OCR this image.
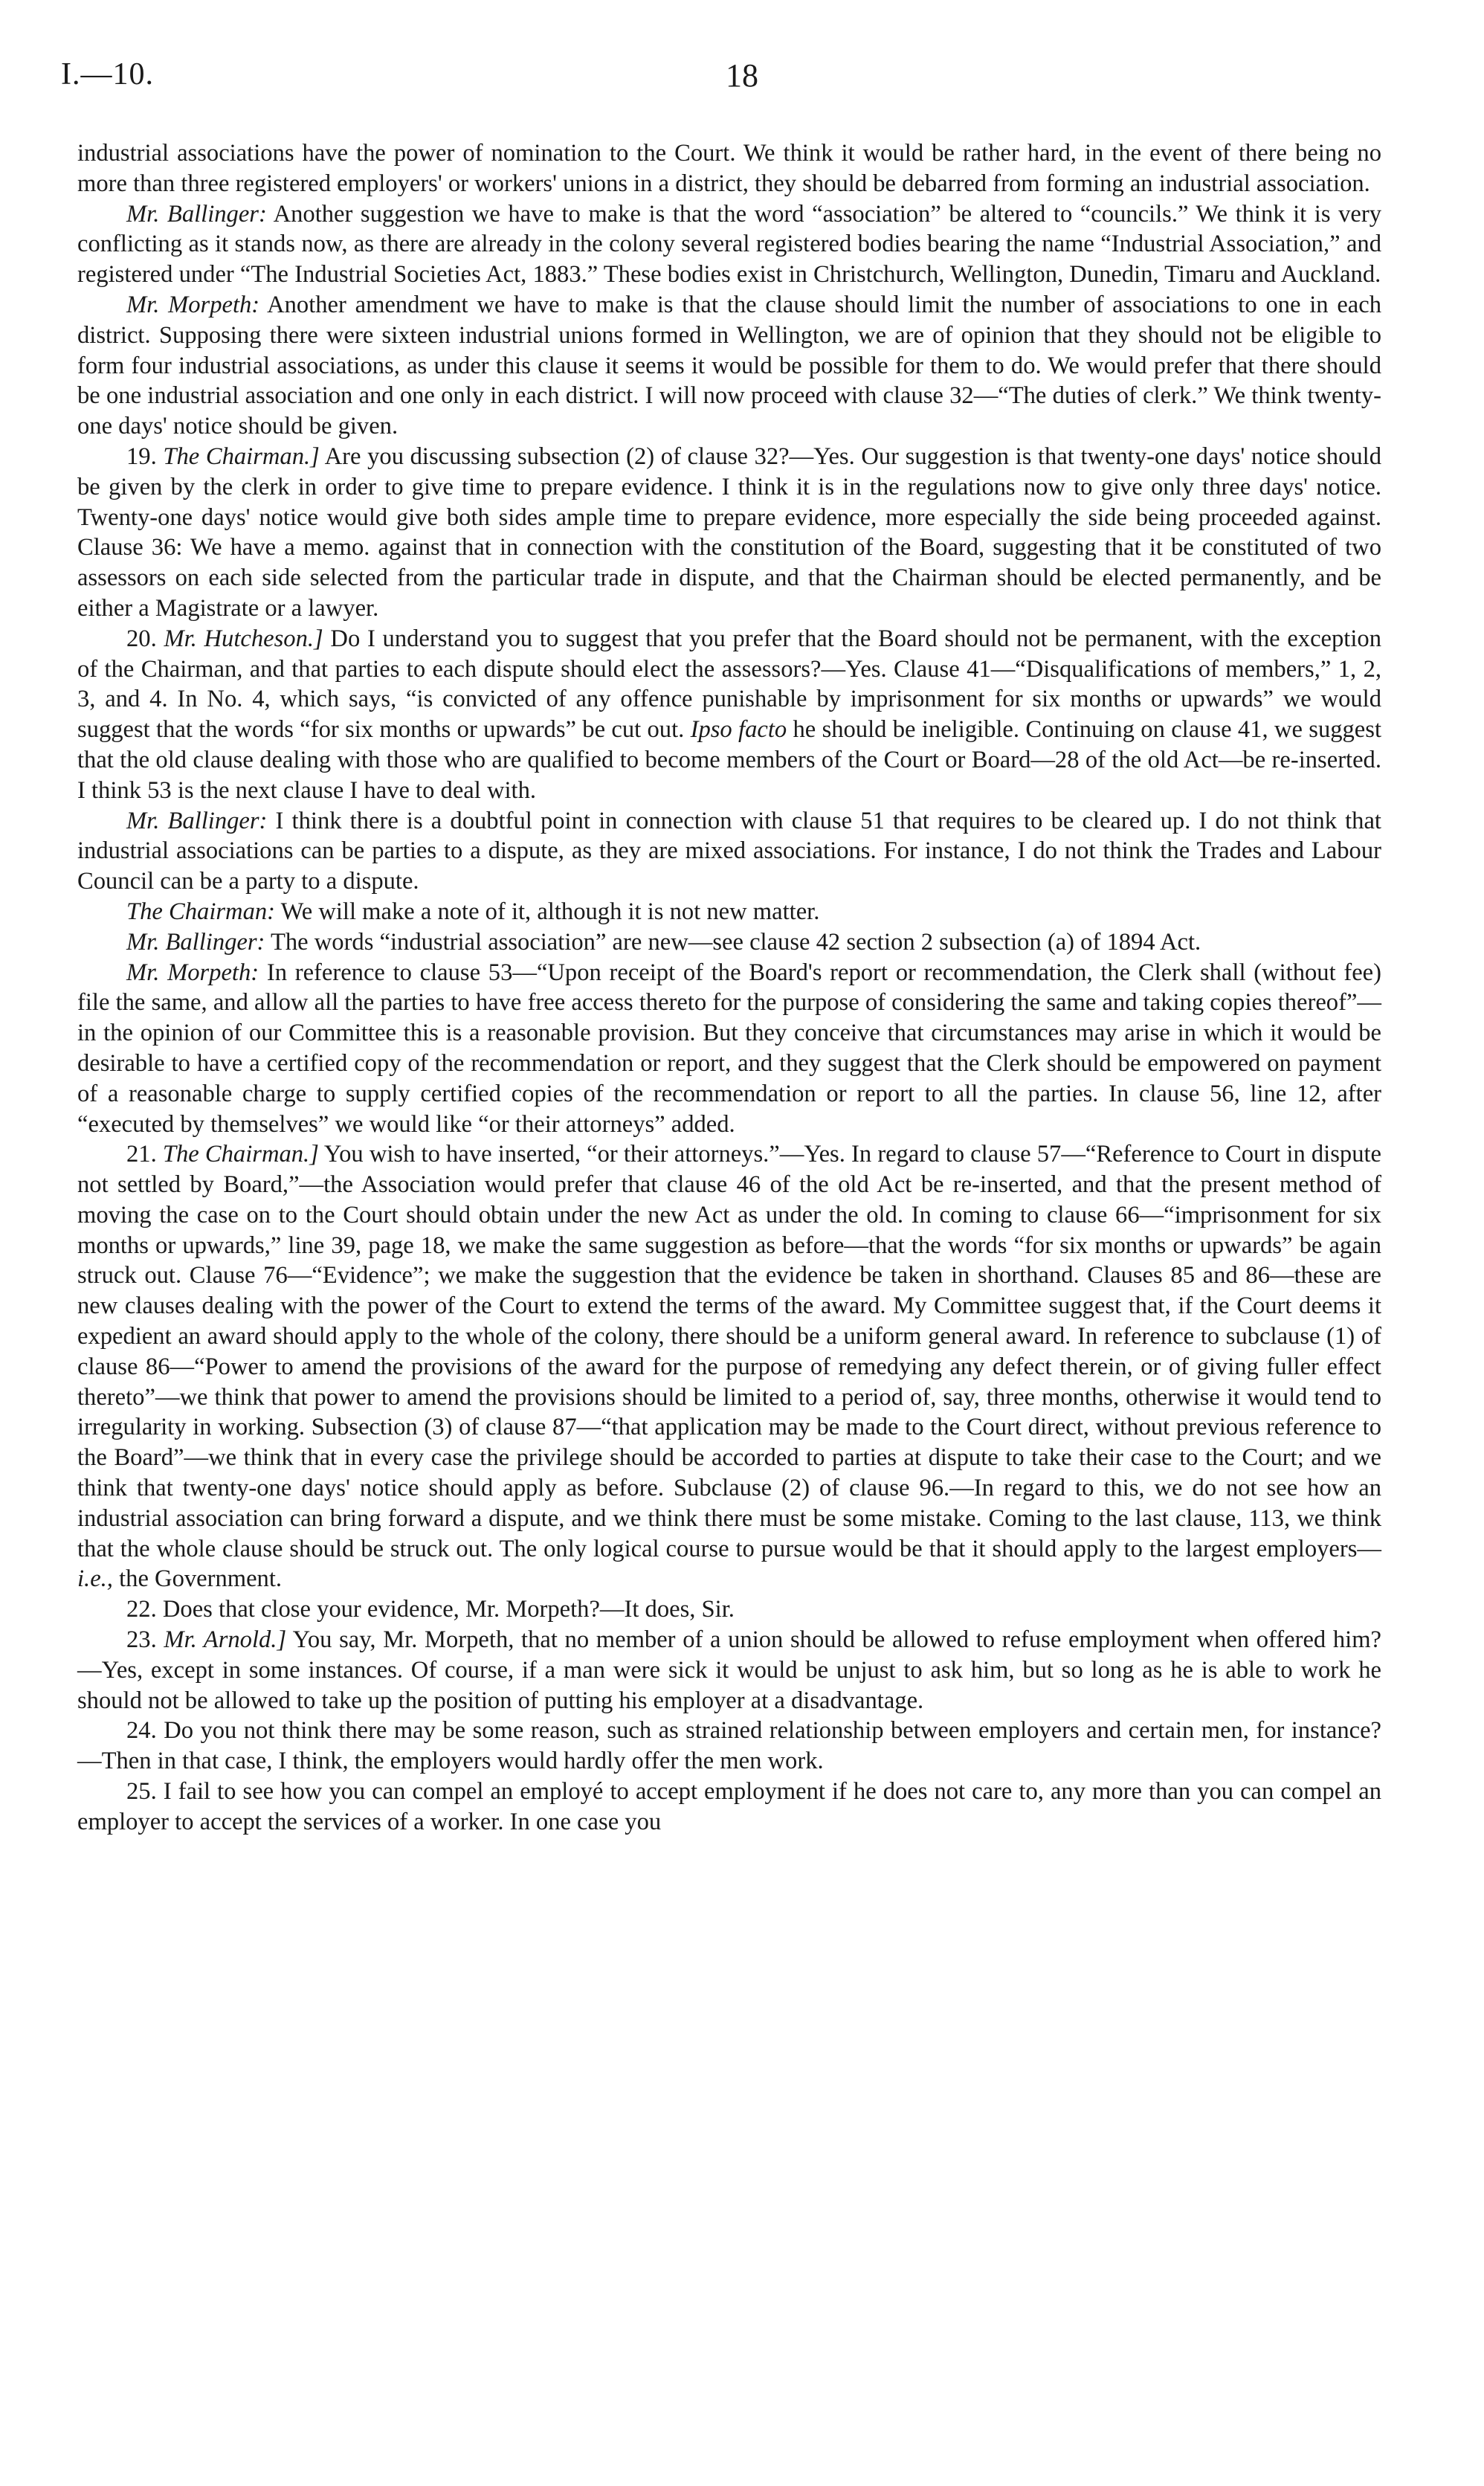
I.—10.	18

industrial associations have the power of nomination to the Court. We think it would be rather hard, in the event of there being no more than three registered employers' or workers' unions in a district, they should be debarred from forming an industrial association.

Mr. Ballinger: Another suggestion we have to make is that the word “association” be altered to “councils.” We think it is very conflicting as it stands now, as there are already in the colony several registered bodies bearing the name “Industrial Association,” and registered under “The Industrial Societies Act, 1883.” These bodies exist in Christchurch, Wellington, Dunedin, Timaru and Auckland.

Mr. Morpeth: Another amendment we have to make is that the clause should limit the number of associations to one in each district. Supposing there were sixteen industrial unions formed in Wellington, we are of opinion that they should not be eligible to form four industrial associations, as under this clause it seems it would be possible for them to do. We would prefer that there should be one industrial association and one only in each district. I will now proceed with clause 32—“The duties of clerk.” We think twenty-one days' notice should be given.

19. The Chairman.] Are you discussing subsection (2) of clause 32?—Yes. Our suggestion is that twenty-one days' notice should be given by the clerk in order to give time to prepare evidence. I think it is in the regulations now to give only three days' notice. Twenty-one days' notice would give both sides ample time to prepare evidence, more especially the side being proceeded against. Clause 36: We have a memo. against that in connection with the constitution of the Board, suggesting that it be constituted of two assessors on each side selected from the particular trade in dispute, and that the Chairman should be elected permanently, and be either a Magistrate or a lawyer.

20. Mr. Hutcheson.] Do I understand you to suggest that you prefer that the Board should not be permanent, with the exception of the Chairman, and that parties to each dispute should elect the assessors?—Yes. Clause 41—“Disqualifications of members,” 1, 2, 3, and 4. In No. 4, which says, “is convicted of any offence punishable by imprisonment for six months or upwards” we would suggest that the words “for six months or upwards” be cut out. Ipso facto he should be ineligible. Continuing on clause 41, we suggest that the old clause dealing with those who are qualified to become members of the Court or Board—28 of the old Act—be re-inserted. I think 53 is the next clause I have to deal with.

Mr. Ballinger: I think there is a doubtful point in connection with clause 51 that requires to be cleared up. I do not think that industrial associations can be parties to a dispute, as they are mixed associations. For instance, I do not think the Trades and Labour Council can be a party to a dispute.

The Chairman: We will make a note of it, although it is not new matter.

Mr. Ballinger: The words “industrial association” are new—see clause 42 section 2 subsection (a) of 1894 Act.

Mr. Morpeth: In reference to clause 53—“Upon receipt of the Board's report or recommendation, the Clerk shall (without fee) file the same, and allow all the parties to have free access thereto for the purpose of considering the same and taking copies thereof”—in the opinion of our Committee this is a reasonable provision. But they conceive that circumstances may arise in which it would be desirable to have a certified copy of the recommendation or report, and they suggest that the Clerk should be empowered on payment of a reasonable charge to supply certified copies of the recommendation or report to all the parties. In clause 56, line 12, after “executed by themselves” we would like “or their attorneys” added.

21. The Chairman.] You wish to have inserted, “or their attorneys.”—Yes. In regard to clause 57—“Reference to Court in dispute not settled by Board,”—the Association would prefer that clause 46 of the old Act be re-inserted, and that the present method of moving the case on to the Court should obtain under the new Act as under the old. In coming to clause 66—“imprisonment for six months or upwards,” line 39, page 18, we make the same suggestion as before—that the words “for six months or upwards” be again struck out. Clause 76—“Evidence”; we make the suggestion that the evidence be taken in shorthand. Clauses 85 and 86—these are new clauses dealing with the power of the Court to extend the terms of the award. My Committee suggest that, if the Court deems it expedient an award should apply to the whole of the colony, there should be a uniform general award. In reference to subclause (1) of clause 86—“Power to amend the provisions of the award for the purpose of remedying any defect therein, or of giving fuller effect thereto”—we think that power to amend the provisions should be limited to a period of, say, three months, otherwise it would tend to irregularity in working. Subsection (3) of clause 87—“that application may be made to the Court direct, without previous reference to the Board”—we think that in every case the privilege should be accorded to parties at dispute to take their case to the Court; and we think that twenty-one days' notice should apply as before. Subclause (2) of clause 96.—In regard to this, we do not see how an industrial association can bring forward a dispute, and we think there must be some mistake. Coming to the last clause, 113, we think that the whole clause should be struck out. The only logical course to pursue would be that it should apply to the largest employers—i.e., the Government.

22. Does that close your evidence, Mr. Morpeth?—It does, Sir.

23. Mr. Arnold.] You say, Mr. Morpeth, that no member of a union should be allowed to refuse employment when offered him?—Yes, except in some instances. Of course, if a man were sick it would be unjust to ask him, but so long as he is able to work he should not be allowed to take up the position of putting his employer at a disadvantage.

24. Do you not think there may be some reason, such as strained relationship between employers and certain men, for instance?—Then in that case, I think, the employers would hardly offer the men work.

25. I fail to see how you can compel an employé to accept employment if he does not care to, any more than you can compel an employer to accept the services of a worker. In one case you
